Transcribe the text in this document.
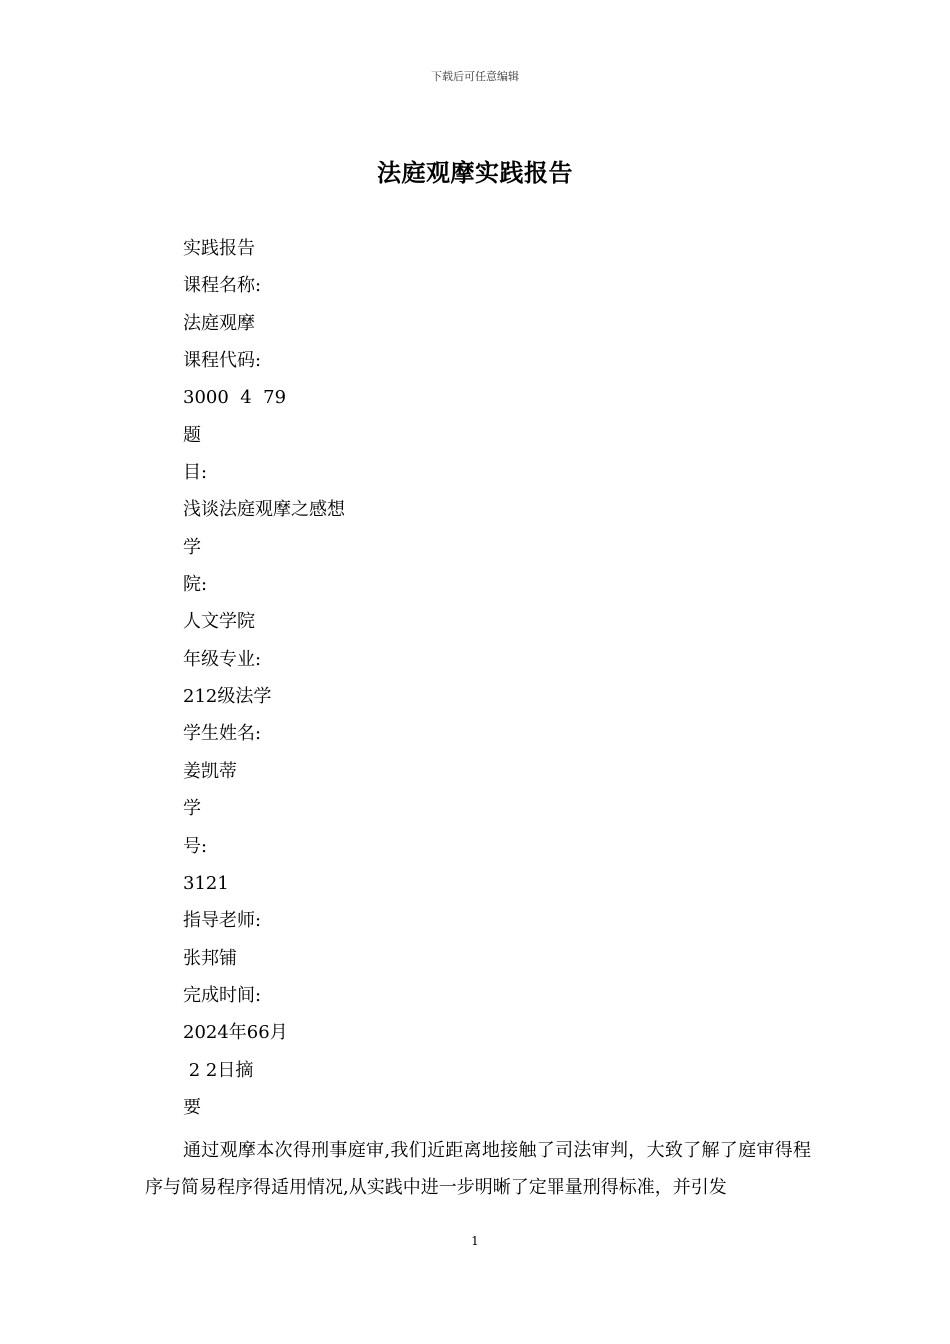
下载后可任意编辑
法庭观摩实践报告
实践报告
课程名称:
法庭观摩
课程代码:
3000  4  79
题
目:
浅谈法庭观摩之感想
学
院:
人文学院
年级专业:
212级法学
学生姓名:
姜凯蒂
学
号:
3121
指导老师:
张邦铺
完成时间:
2024年66月
2 2日摘
要

通过观摩本次得刑事庭审,我们近距离地接触了司法审判，大致了解了庭审得程序与简易程序得适用情况,从实践中进一步明晰了定罪量刑得标准，并引发

1
